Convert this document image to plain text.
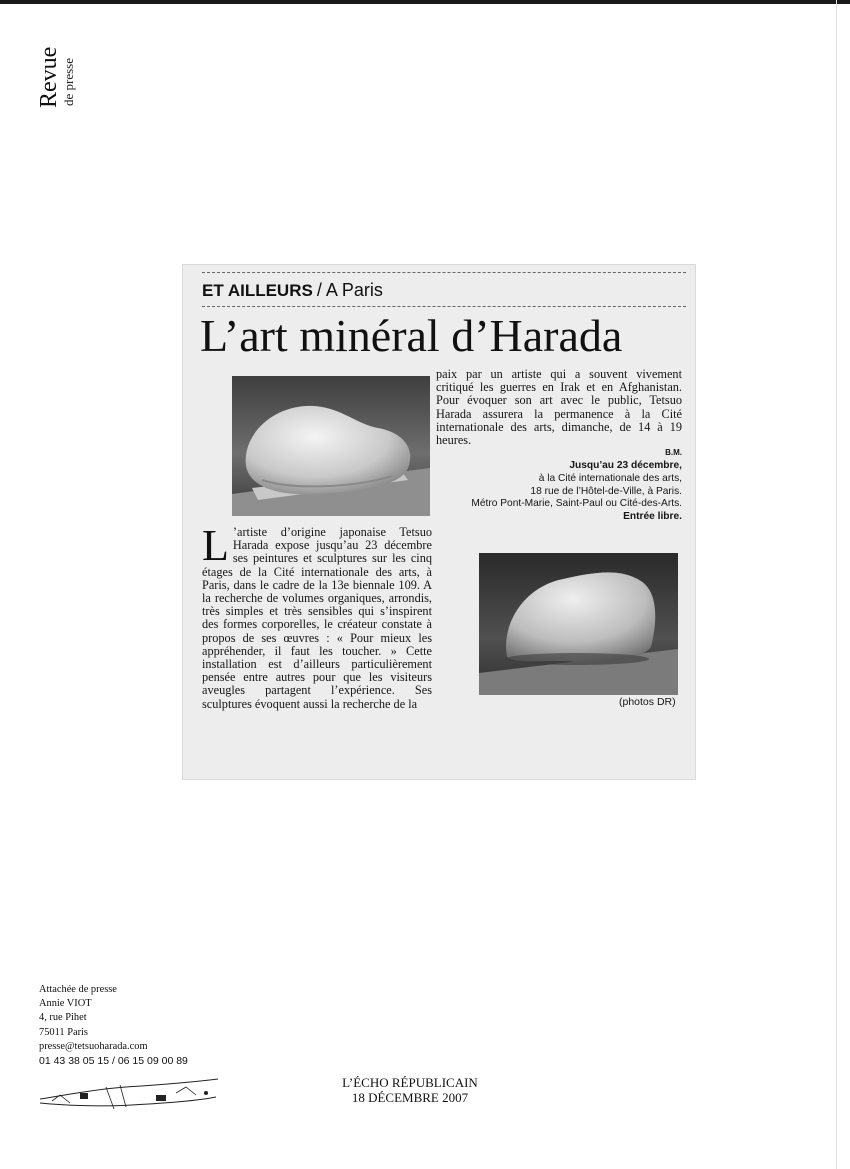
Revue de presse
ET AILLEURS / A Paris
L’art minéral d’Harada

L ’artiste d’origine japonaise Tetsuo Harada expose jusqu’au 23 décembre ses peintures et sculptures sur les cinq étages de la Cité internationale des arts, à Paris, dans le cadre de la 13e biennale 109. A la recherche de volumes organiques, arrondis, très simples et très sensibles qui s’inspirent des formes corporelles, le créateur constate à propos de ses œuvres : « Pour mieux les appréhender, il faut les toucher. » Cette installation est d’ailleurs particulièrement pensée entre autres pour que les visiteurs aveugles partagent l’expérience. Ses sculptures évoquent aussi la recherche de la

paix par un artiste qui a souvent vivement critiqué les guerres en Irak et en Afghanistan. Pour évoquer son art avec le public, Tetsuo Harada assurera la permanence à la Cité internationale des arts, dimanche, de 14 à 19 heures.

B.M.
Jusqu’au 23 décembre,
à la Cité internationale des arts,
18 rue de l’Hôtel-de-Ville, à Paris.
Métro Pont-Marie, Saint-Paul ou Cité-des-Arts.
Entrée libre.
(photos DR)
Attachée de presse
Annie VIOT
4, rue Pihet
75011 Paris
presse@tetsuoharada.com
01 43 38 05 15 / 06 15 09 00 89
L’ÉCHO RÉPUBLICAIN
18 DÉCEMBRE 2007
